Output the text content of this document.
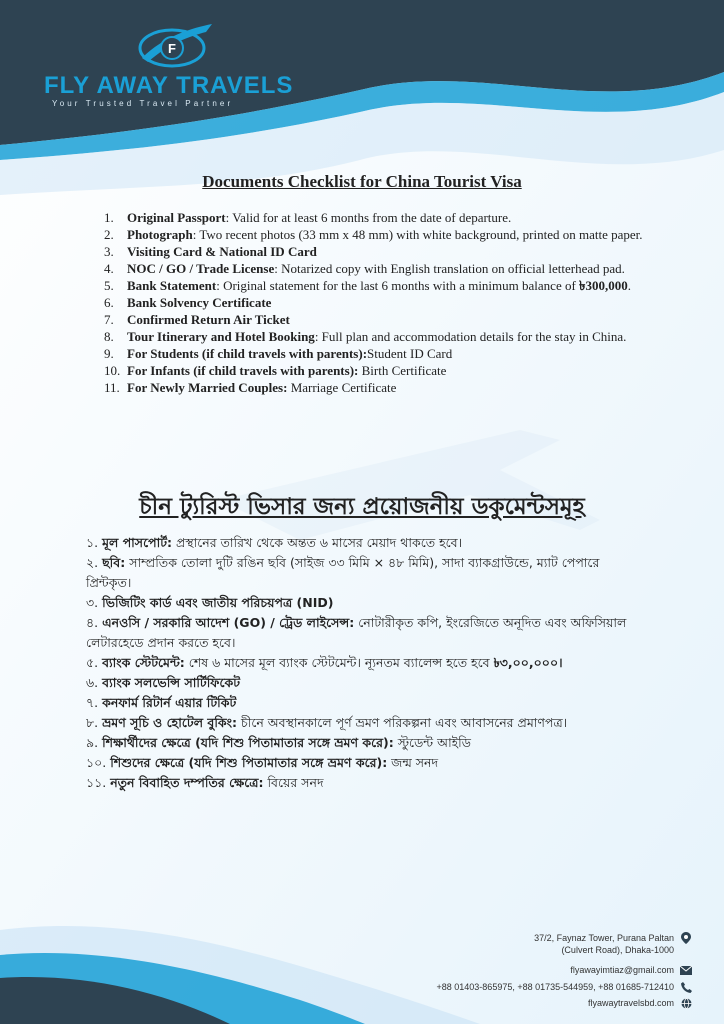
F
FLY AWAY TRAVELS
Your Trusted Travel Partner
Documents Checklist for China Tourist Visa
1. Original Passport: Valid for at least 6 months from the date of departure.
2. Photograph: Two recent photos (33 mm x 48 mm) with white background, printed on matte paper.
3. Visiting Card & National ID Card
4. NOC / GO / Trade License: Notarized copy with English translation on official letterhead pad.
5. Bank Statement: Original statement for the last 6 months with a minimum balance of ৳300,000.
6. Bank Solvency Certificate
7. Confirmed Return Air Ticket
8. Tour Itinerary and Hotel Booking: Full plan and accommodation details for the stay in China.
9. For Students (if child travels with parents):Student ID Card
10. For Infants (if child travels with parents): Birth Certificate
11. For Newly Married Couples: Marriage Certificate
চীন ট্যুরিস্ট ভিসার জন্য প্রয়োজনীয় ডকুমেন্টসমূহ
১. মূল পাসপোর্ট: প্রস্থানের তারিখ থেকে অন্তত ৬ মাসের মেয়াদ থাকতে হবে।
২. ছবি: সাম্প্রতিক তোলা দুটি রঙিন ছবি (সাইজ ৩৩ মিমি × ৪৮ মিমি), সাদা ব্যাকগ্রাউন্ডে, ম্যাট পেপারে প্রিন্টকৃত।
৩. ভিজিটিং কার্ড এবং জাতীয় পরিচয়পত্র (NID)
৪. এনওসি / সরকারি আদেশ (GO) / ট্রেড লাইসেন্স: নোটারীকৃত কপি, ইংরেজিতে অনূদিত এবং অফিসিয়াল লেটারহেডে প্রদান করতে হবে।
৫. ব্যাংক স্টেটমেন্ট: শেষ ৬ মাসের মূল ব্যাংক স্টেটমেন্ট। ন্যূনতম ব্যালেন্স হতে হবে ৳৩,০০,০০০।
৬. ব্যাংক সলভেন্সি সার্টিফিকেট
৭. কনফার্ম রিটার্ন এয়ার টিকিট
৮. ভ্রমণ সূচি ও হোটেল বুকিং: চীনে অবস্থানকালে পূর্ণ ভ্রমণ পরিকল্পনা এবং আবাসনের প্রমাণপত্র।
৯. শিক্ষার্থীদের ক্ষেত্রে (যদি শিশু পিতামাতার সঙ্গে ভ্রমণ করে): স্টুডেন্ট আইডি
১০. শিশুদের ক্ষেত্রে (যদি শিশু পিতামাতার সঙ্গে ভ্রমণ করে): জন্ম সনদ
১১. নতুন বিবাহিত দম্পতির ক্ষেত্রে: বিয়ের সনদ
37/2, Faynaz Tower, Purana Paltan
(Culvert Road), Dhaka-1000
flyawayimtiaz@gmail.com
+88 01403-865975, +88 01735-544959, +88 01685-712410
flyawaytravelsbd.com
